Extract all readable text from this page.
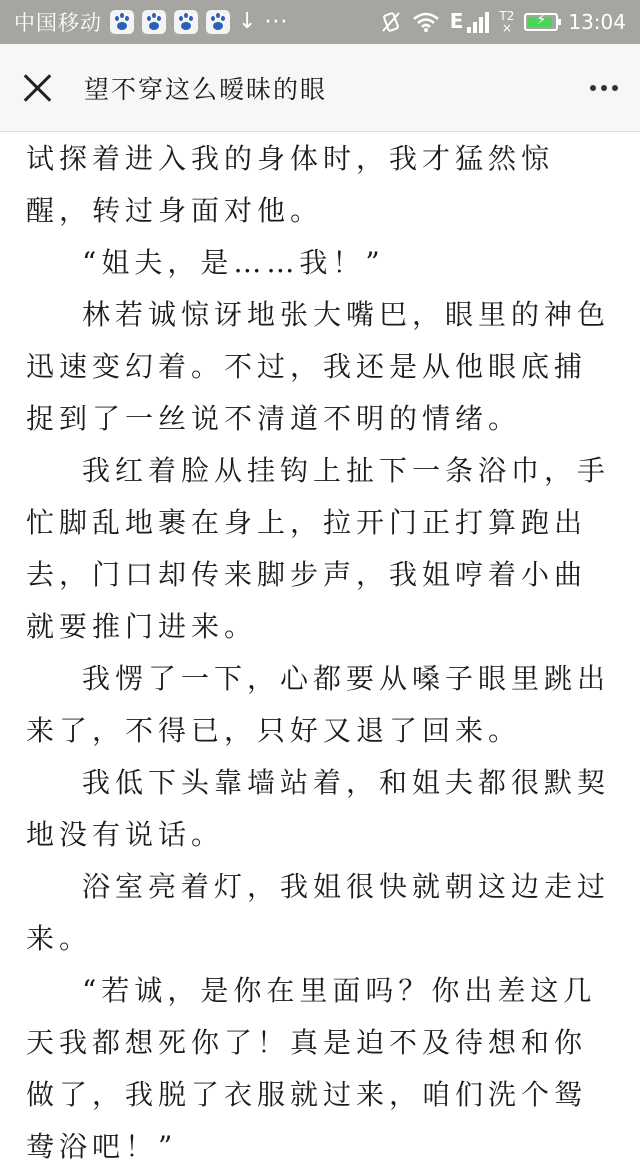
中国移动	↓ ···	E	T2
×	⚡	13:04
望不穿这么暧昧的眼

试探着进入我的身体时，我才猛然惊醒，转过身面对他。

“姐夫，是……我！”

林若诚惊讶地张大嘴巴，眼里的神色迅速变幻着。不过，我还是从他眼底捕捉到了一丝说不清道不明的情绪。

我红着脸从挂钩上扯下一条浴巾，手忙脚乱地裹在身上，拉开门正打算跑出去，门口却传来脚步声，我姐哼着小曲就要推门进来。

我愣了一下，心都要从嗓子眼里跳出来了，不得已，只好又退了回来。

我低下头靠墙站着，和姐夫都很默契地没有说话。

浴室亮着灯，我姐很快就朝这边走过来。

“若诚，是你在里面吗？你出差这几天我都想死你了！真是迫不及待想和你做了，我脱了衣服就过来，咱们洗个鸳鸯浴吧！”
